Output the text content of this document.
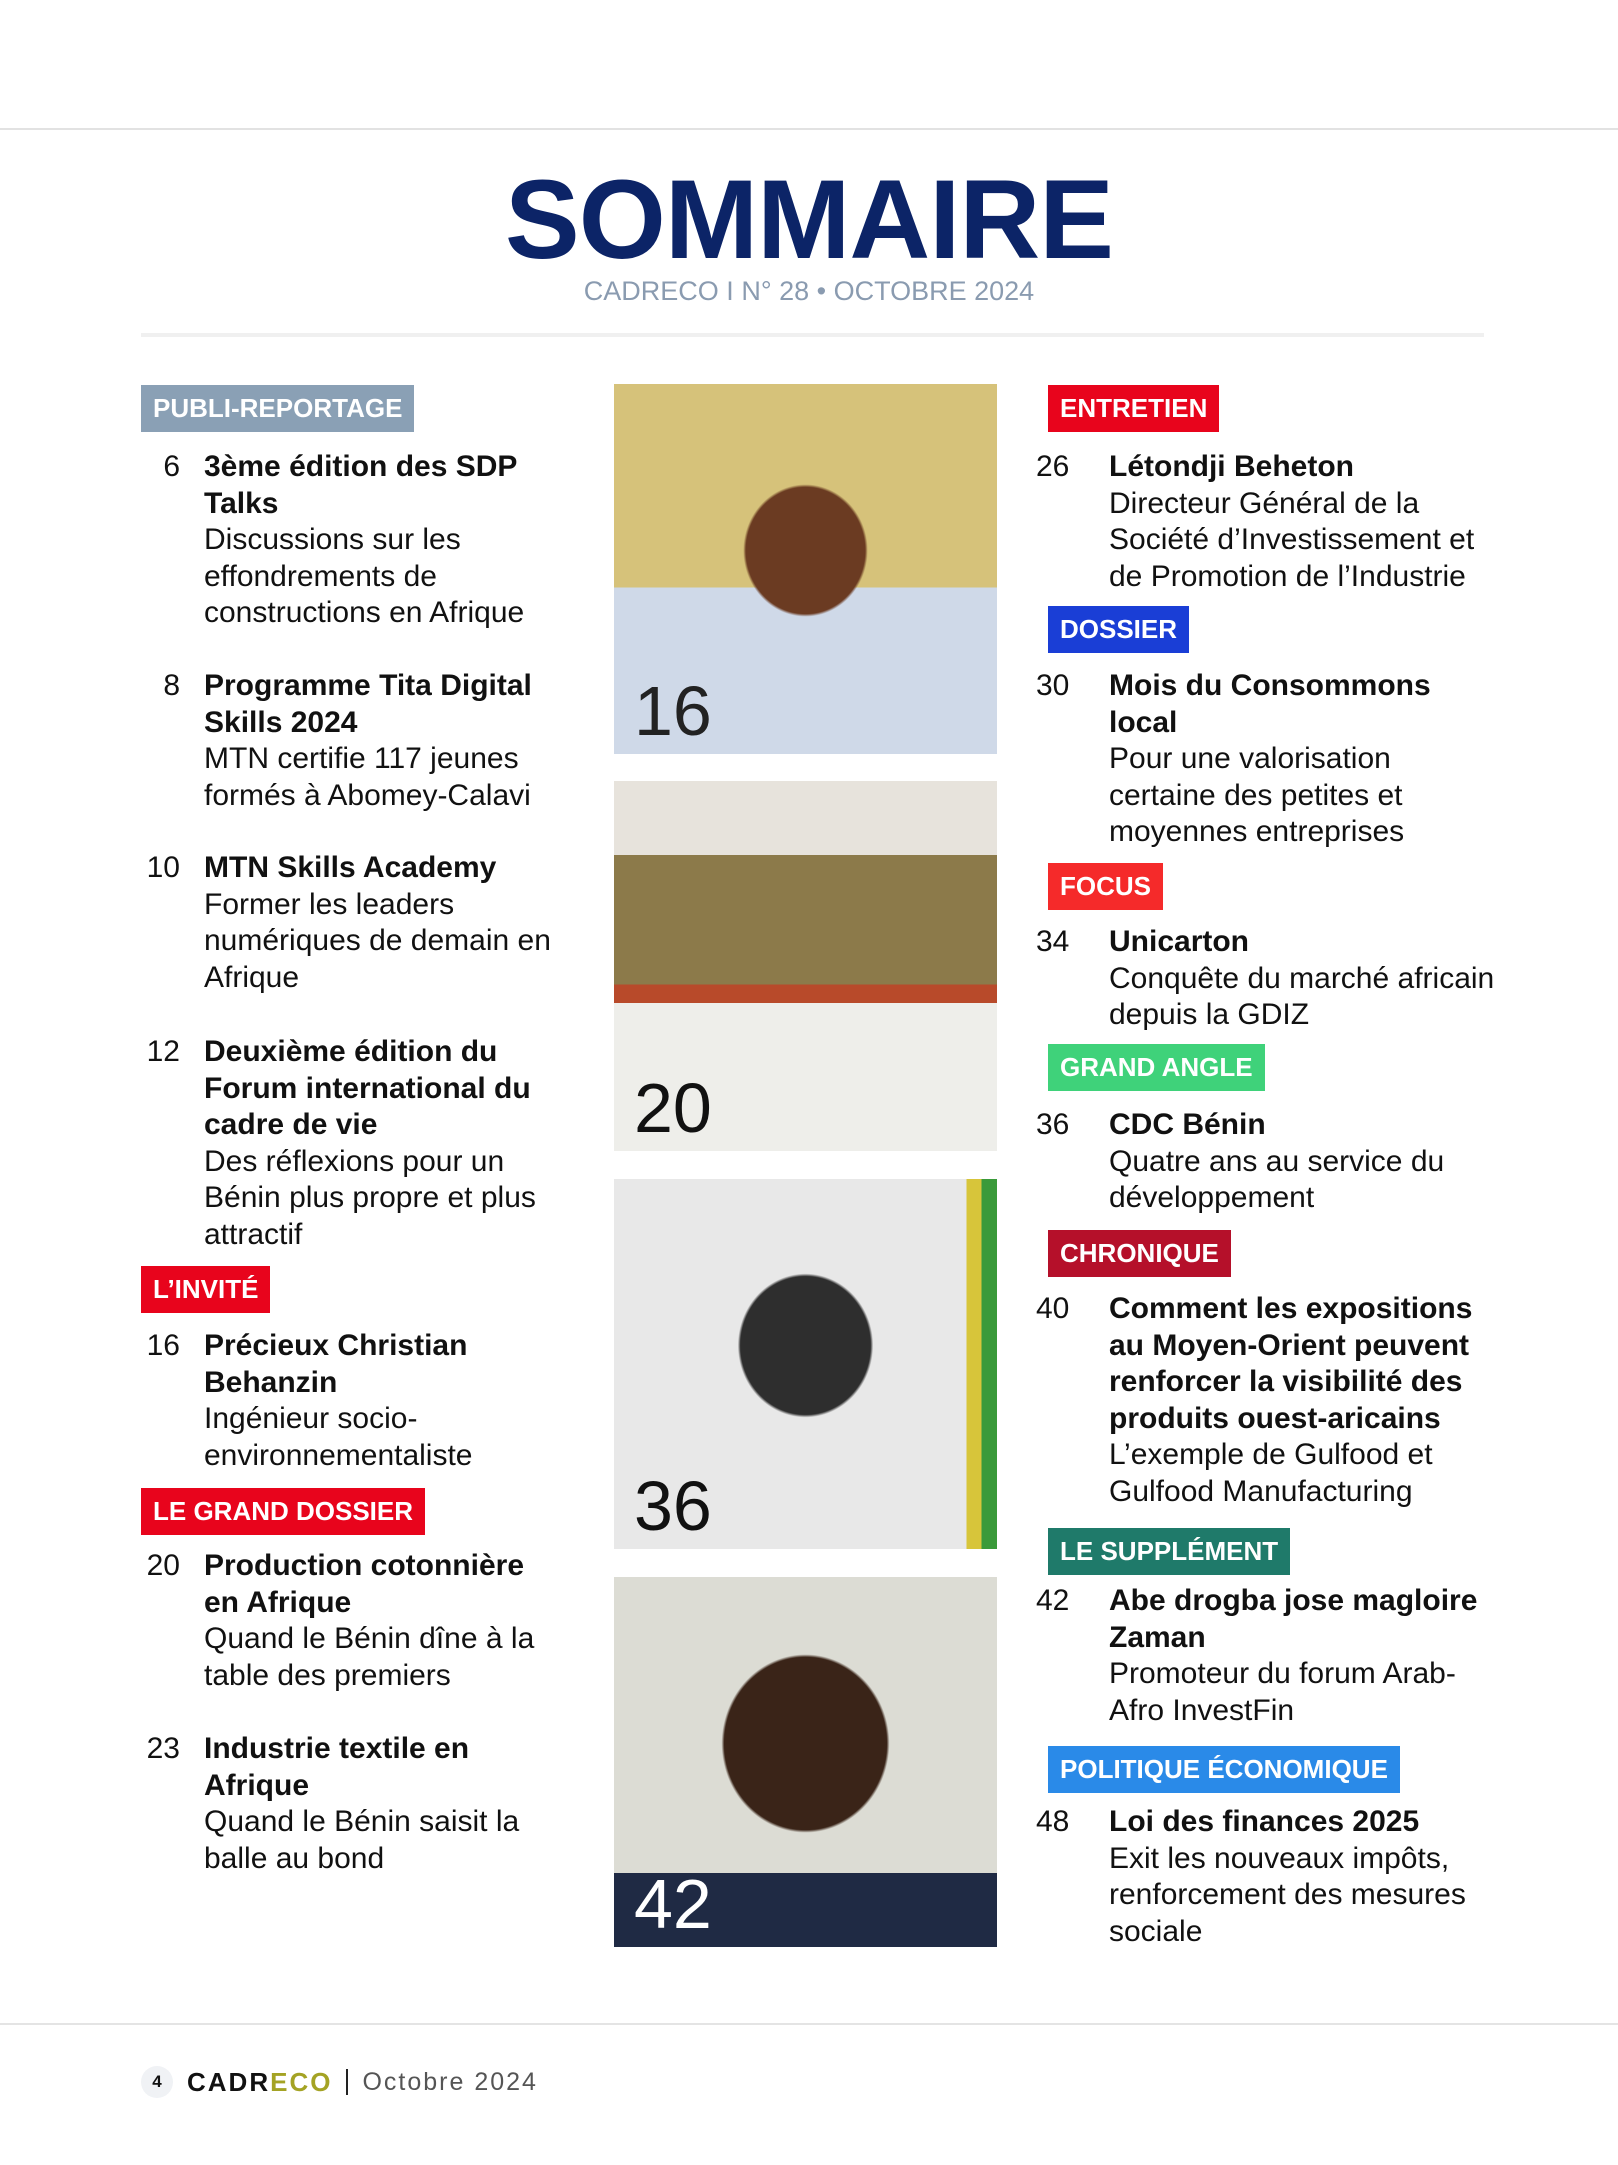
SOMMAIRE
CADRECO I N° 28 • OCTOBRE 2024
PUBLI-REPORTAGE
L’INVITÉ
LE GRAND DOSSIER
6 3ème édition des SDP
Talks
Discussions sur les
effondrements de
constructions en Afrique
8 Programme Tita Digital
Skills 2024
MTN certifie 117 jeunes
formés à Abomey-Calavi
10 MTN Skills Academy
Former les leaders
numériques de demain en
Afrique
12 Deuxième édition du
Forum international du
cadre de vie
Des réflexions pour un
Bénin plus propre et plus
attractif
16 Précieux Christian
Behanzin
Ingénieur socio-
environnementaliste
20 Production cotonnière
en Afrique
Quand le Bénin dîne à la
table des premiers
23 Industrie textile en
Afrique
Quand le Bénin saisit la
balle au bond
ENTRETIEN
DOSSIER
FOCUS
GRAND ANGLE
CHRONIQUE
LE SUPPLÉMENT
POLITIQUE ÉCONOMIQUE
26	Létondji Beheton
Directeur Général de la
Société d’Investissement et
de Promotion de l’Industrie
30	Mois du Consommons
local
Pour une valorisation
certaine des petites et
moyennes entreprises
34	Unicarton
Conquête du marché africain
depuis la GDIZ
36	CDC Bénin
Quatre ans au service du
développement
40	Comment les expositions
au Moyen-Orient peuvent
renforcer la visibilité des
produits ouest-aricains
L’exemple de Gulfood et
Gulfood Manufacturing
42	Abe drogba jose magloire
Zaman
Promoteur du forum Arab-
Afro InvestFin
48	Loi des finances 2025
Exit les nouveaux impôts,
renforcement des mesures
sociale
16
20
36
42
4 CADRECO Octobre 2024
